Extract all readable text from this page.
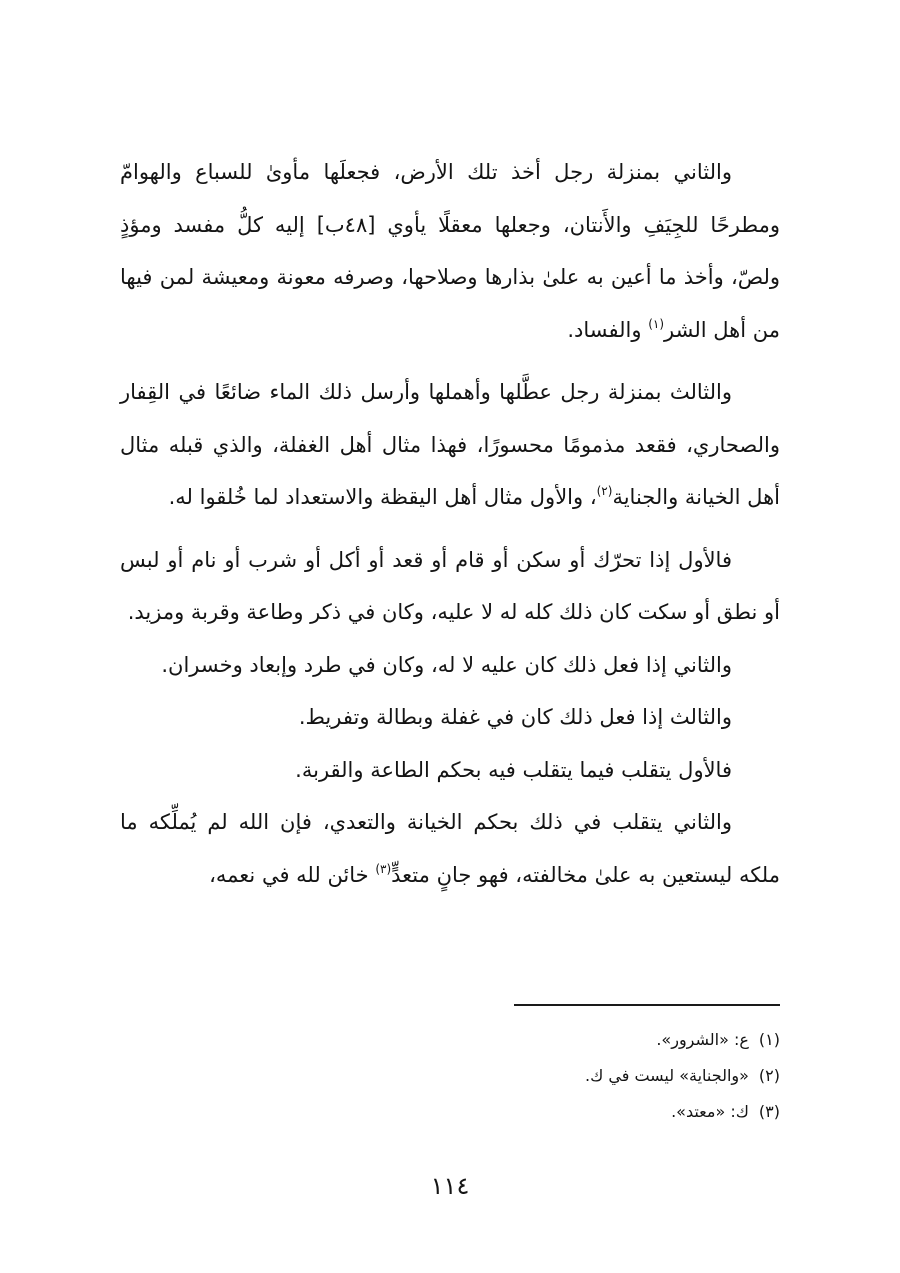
والثاني بمنزلة رجل أخذ تلك الأرض، فجعلَها مأوىٰ للسباع والهوامّ ومطرحًا للجِيَفِ والأَنتان، وجعلها معقلًا يأوي [٤٨ب] إليه كلُّ مفسد ومؤذٍ ولصّ، وأخذ ما أعين به علىٰ بذارها وصلاحها، وصرفه معونة ومعيشة لمن فيها من أهل الشر$^{(١)}$ والفساد.

والثالث بمنزلة رجل عطَّلها وأهملها وأرسل ذلك الماء ضائعًا في القِفار والصحاري، فقعد مذمومًا محسورًا، فهذا مثال أهل الغفلة، والذي قبله مثال أهل الخيانة والجناية$^{(٢)}$، والأول مثال أهل اليقظة والاستعداد لما خُلقوا له.

فالأول إذا تحرّك أو سكن أو قام أو قعد أو أكل أو شرب أو نام أو لبس أو نطق أو سكت كان ذلك كله له لا عليه، وكان في ذكر وطاعة وقربة ومزيد.

والثاني إذا فعل ذلك كان عليه لا له، وكان في طرد وإبعاد وخسران.

والثالث إذا فعل ذلك كان في غفلة وبطالة وتفريط.

فالأول يتقلب فيما يتقلب فيه بحكم الطاعة والقربة.

والثاني يتقلب في ذلك بحكم الخيانة والتعدي، فإن الله لم يُملِّكه ما ملكه ليستعين به علىٰ مخالفته، فهو جانٍ متعدٍّ$^{(٣)}$ خائن لله في نعمه،

(١)ع: «الشرور».
(٢)«والجناية» ليست في ك.
(٣)ك: «معتد».
١١٤
